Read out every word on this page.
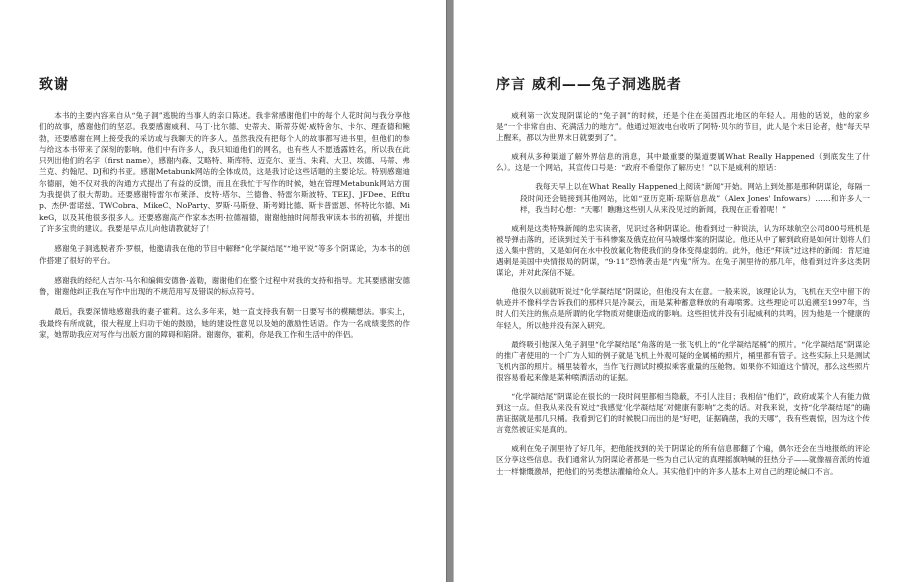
致谢

本书的主要内容来自从“兔子洞”逃脱的当事人的亲口陈述。我非常感谢他们中的每个人花时间与我分享他们的故事，感谢他们的坚忍。我要感谢威利、马丁·比尔德、史蒂夫、斯蒂芬妮·威特舍尔、卡尔、理查德和鲍勃，还要感谢在网上接受我的采访或与我聊天的许多人。虽然我没有把每个人的故事都写进书里，但他们的参与给这本书带来了深刻的影响。他们中有许多人，我只知道他们的网名，也有些人不愿透露姓名，所以我在此只列出他们的名字（first name），感谢内森、艾略特、斯库特、迈克尔、亚当、朱莉、大卫、埃德、马蒂、弗兰克、约翰尼、DJ和约书亚。感谢Metabunk网站的全体成员，这是我讨论这些话题的主要论坛。特别感谢迪尔德丽，她不仅对我的沟通方式提出了有益的反馈，而且在我忙于写作的时候，她在管理Metabunk网站方面为我提供了很大帮助。还要感谢特雷尔布莱泽、皮特·塔尔、兰德鲁、特雷尔斯波特、TEEJ、JFDee、Efftup、杰伊·雷诺兹、TWCobra、MikeC、NoParty、罗斯·马斯登、斯考姆比德、斯卡普雷恩、怀特比尔德、MikeG，以及其他很多很多人。还要感谢高产作家本杰明·拉德福德，谢谢他抽时间帮我审读本书的初稿，并提出了许多宝贵的建议。我要是早点儿向他请教就好了！

感谢兔子洞逃脱者乔·罗根，他邀请我在他的节目中解释“化学凝结尾”“地平说”等多个阴谋论，为本书的创作搭建了很好的平台。

感谢我的经纪人吉尔·马尔和编辑安德鲁·盖勒，谢谢他们在整个过程中对我的支持和指导。尤其要感谢安德鲁，谢谢他纠正我在写作中出现的不规范用写及错误的标点符号。

最后，我要深情地感谢我的妻子霍莉。这么多年来，她一直支持我有朝一日要写书的模糊想法。事实上，我最终有所成就，很大程度上归功于她的鼓励，她的建设性意见以及她的激励性话语。作为一名成绩斐然的作家，她帮助我应对写作与出版方面的障碍和陷阱。谢谢你，霍莉，你是我工作和生活中的伴侣。

序言 威利——兔子洞逃脱者

威利第一次发现阴谋论的“兔子洞”的时候，还是个住在美国西北地区的年轻人。用他的话说，他的家乡是“一个非常自由、充满活力的地方”。他通过短波电台收听了阿特·贝尔的节目，此人是个未日论者，他“每天早上醒来，都以为世界末日就要到了”。

威利从多种渠道了解外界信息的消息，其中最重要的渠道要属What Really Happened（到底发生了什么）。这是一个网站，其宣传口号是：“政府不希望你了解历史！”以下是威利的原话：

我每天早上以在What Really Happened上阅读“新闻”开始。网站上到处都是那种阴谋论，每隔一段时间还会链接到其他网站，比如“亚历克斯·琼斯信息战”（Alex Jones' Infowars）……和许多人一样，我当时心想：“天哪！瞧瞧这些别人从来没见过的新闻，我现在正看着呢！”

威利是这类特殊新闻的忠实读者，见识过各种阴谋论。他看到过一种说法，认为环球航空公司800号班机是被导弹击落的，还读到过关于韦科惨案及俄克拉何马城爆炸案的阴谋论。他还从中了解到政府是如何计划将人们送入集中营的，又是如何在水中投放氟化物使我们的身体变得虚弱的。此外，他还“拜读”过这样的新闻：肯尼迪遇刺是美国中央情报局的阴谋，“9·11”恐怖袭击是“内鬼”所为。在兔子洞里待的那几年，他看到过许多这类阴谋论，并对此深信不疑。

他很久以前就听说过“化学凝结尾”阴谋论，但他没有太在意。一般来说，该理论认为，飞机在天空中留下的轨迹并不像科学告诉我们的那样只是冷凝云，而是某种蓄意释放的有毒喷雾。这些理论可以追溯至1997年，当时人们关注的焦点是所谓的化学物质对健康造成的影响。这些担忧并没有引起威利的共鸣，因为他是一个健康的年轻人，所以他并没有深入研究。

最终吸引他深入兔子洞里“化学凝结尾”角落的是一张飞机上的“化学凝结尾桶”的照片。“化学凝结尾”阴谋论的推广者使用的一个广为人知的例子就是飞机上外观可疑的金属桶的照片，桶里都有管子。这些实际上只是测试飞机内部的照片。桶里装着水，当作飞行测试时模拟乘客重量的压舱物。如果你不知道这个情况，那么这些照片很容易看起来像是某种喷洒活动的证据。

“化学凝结尾”阴谋论在很长的一段时间里都相当隐蔽，不引人注目；我相信“他们”，政府或某个人有能力做到这一点。但我从来没有说过“我感觉‘化学凝结尾’对健康有影响”之类的话。对我来说，支持“化学凝结尾”的确凿证据就是那几只桶。我看到它们的时候脱口而出的是“好吧，证据确凿，我的天哪”，我有些震惊，因为这个传言竟然被证实是真的。

威利在兔子洞里待了好几年，把他能找到的关于阴谋论的所有信息都翻了个遍，偶尔还会在当地报纸的评论区分享这些信息。我们通常认为阴谋论者都是一些为自己认定的真理摇旗呐喊的狂热分子——就像福音派的传道士一样慷慨激昂，把他们的另类想法灌输给众人。其实他们中的许多人基本上对自己的理论缄口不言。
